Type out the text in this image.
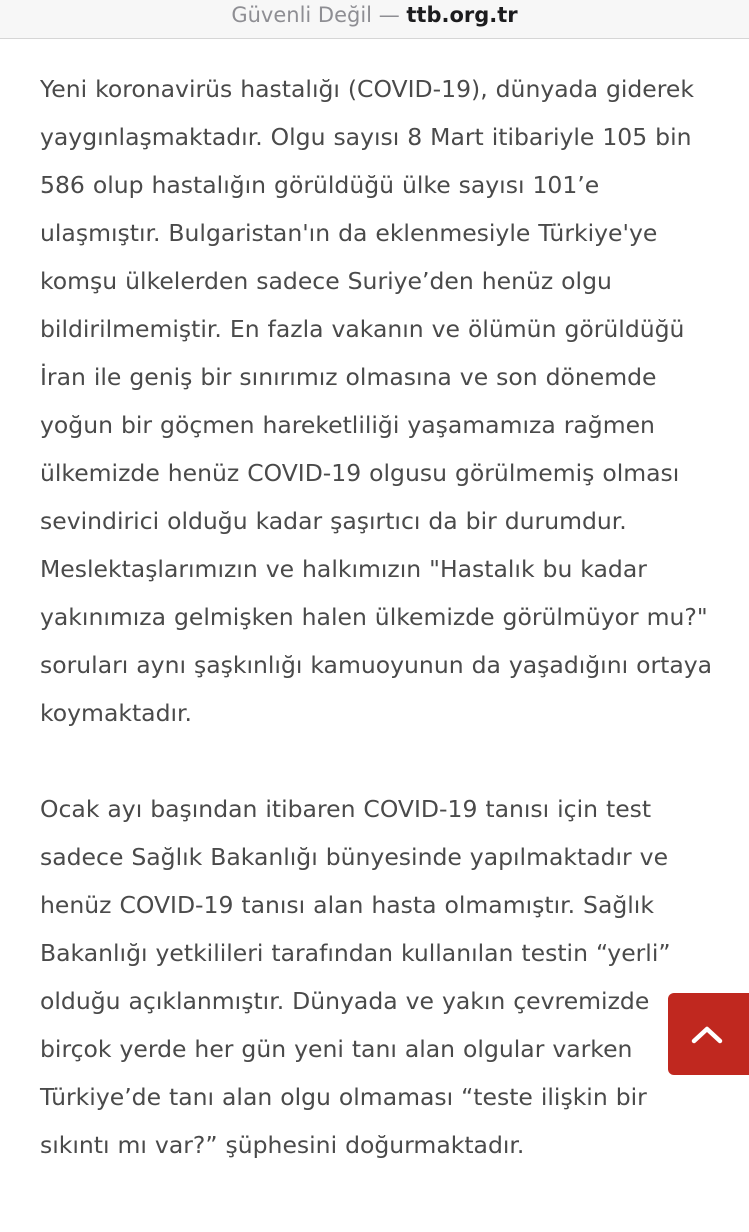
Güvenli Değil — ttb.org.tr

Yeni koronavirüs hastalığı (COVID-19), dünyada giderek yaygınlaşmaktadır. Olgu sayısı 8 Mart itibariyle 105 bin 586 olup hastalığın görüldüğü ülke sayısı 101’e ulaşmıştır. Bulgaristan'ın da eklenmesiyle Türkiye'ye komşu ülkelerden sadece Suriye’den henüz olgu bildirilmemiştir. En fazla vakanın ve ölümün görüldüğü İran ile geniş bir sınırımız olmasına ve son dönemde yoğun bir göçmen hareketliliği yaşamamıza rağmen ülkemizde henüz COVID-19 olgusu görülmemiş olması sevindirici olduğu kadar şaşırtıcı da bir durumdur. Meslektaşlarımızın ve halkımızın "Hastalık bu kadar yakınımıza gelmişken halen ülkemizde görülmüyor mu?" soruları aynı şaşkınlığı kamuoyunun da yaşadığını ortaya koymaktadır.

Ocak ayı başından itibaren COVID-19 tanısı için test sadece Sağlık Bakanlığı bünyesinde yapılmaktadır ve henüz COVID-19 tanısı alan hasta olmamıştır. Sağlık Bakanlığı yetkilileri tarafından kullanılan testin “yerli” olduğu açıklanmıştır. Dünyada ve yakın çevremizde birçok yerde her gün yeni tanı alan olgular varken Türkiye’de tanı alan olgu olmaması “teste ilişkin bir sıkıntı mı var?” şüphesini doğurmaktadır.
